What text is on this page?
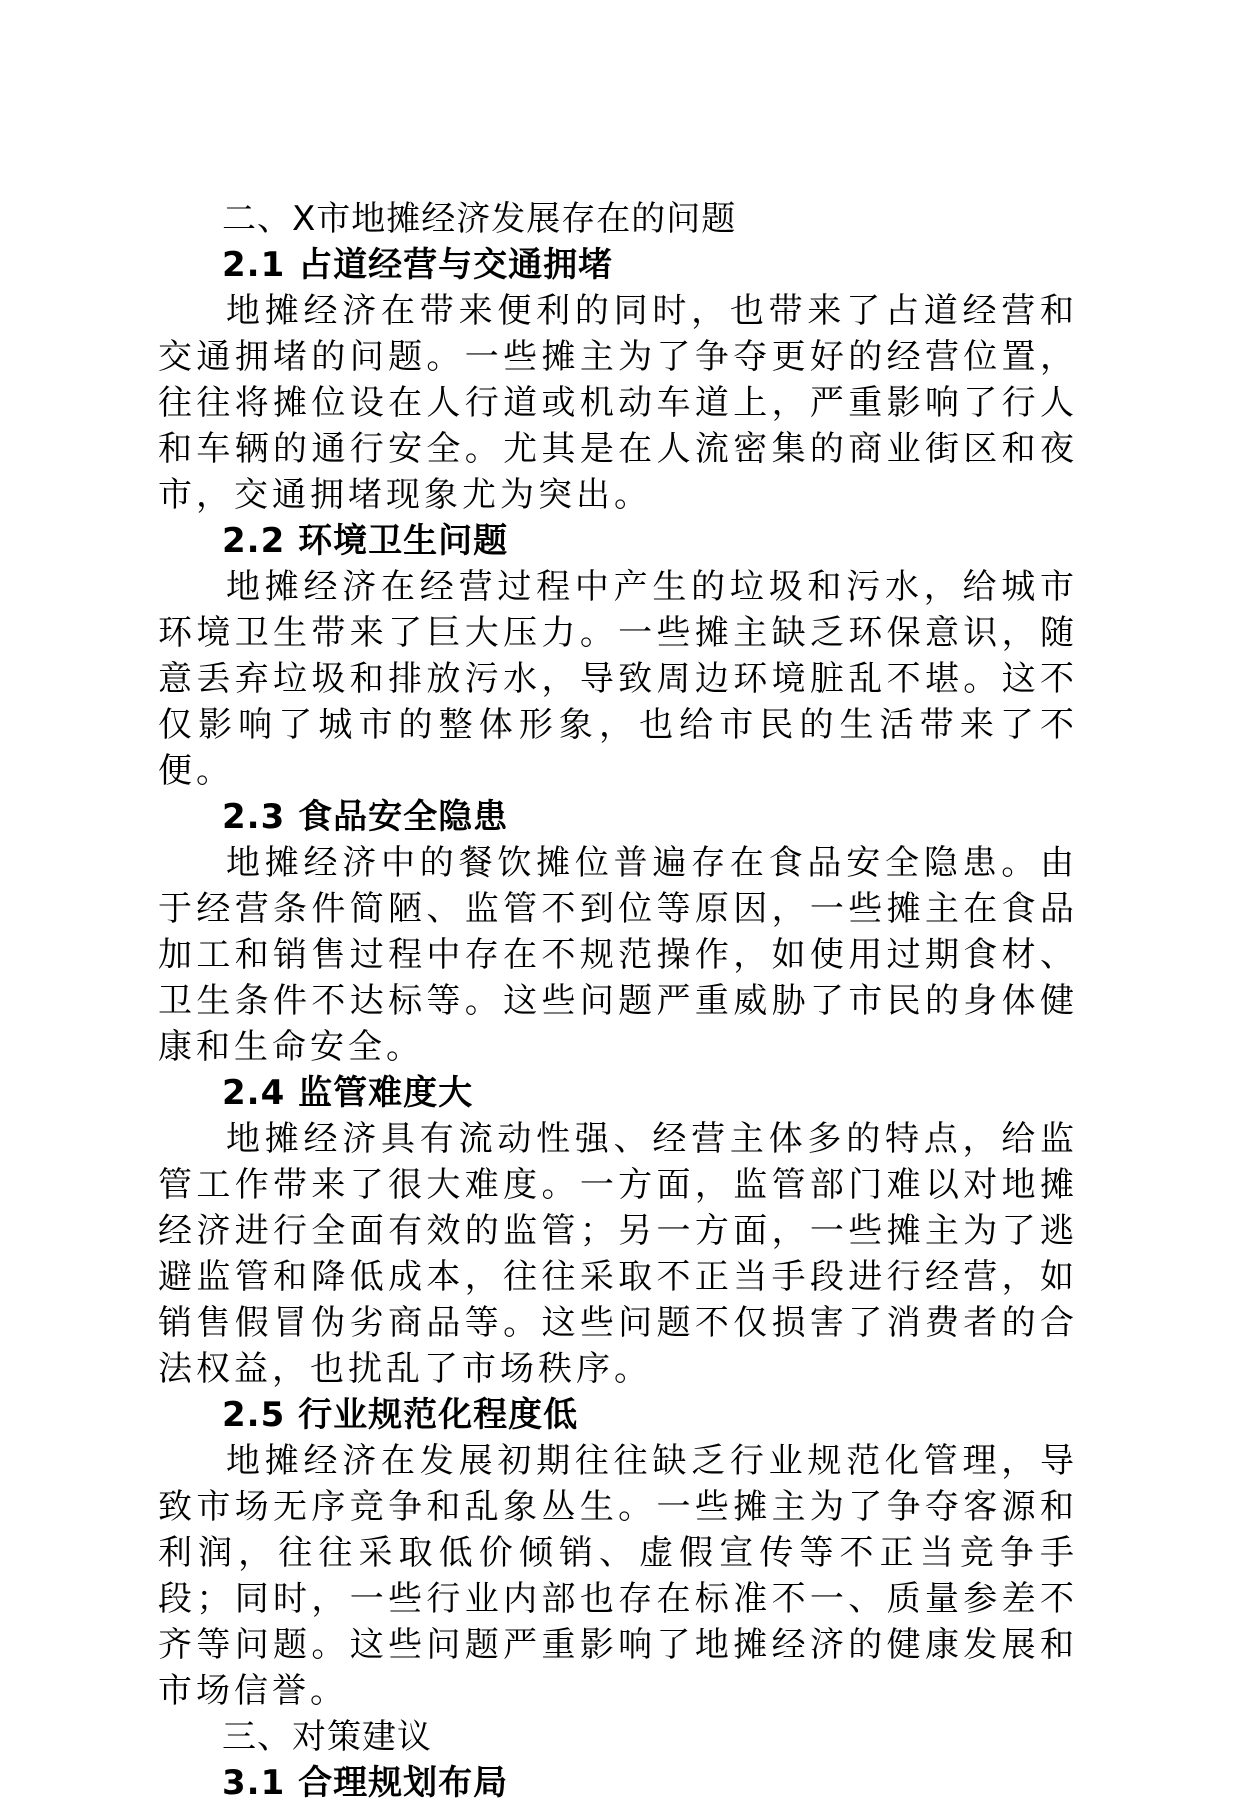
二、X市地摊经济发展存在的问题
2.1 占道经营与交通拥堵
地摊经济在带来便利的同时，也带来了占道经营和交通拥堵的问题。一些摊主为了争夺更好的经营位置，往往将摊位设在人行道或机动车道上，严重影响了行人和车辆的通行安全。尤其是在人流密集的商业街区和夜市，交通拥堵现象尤为突出。
2.2 环境卫生问题
地摊经济在经营过程中产生的垃圾和污水，给城市环境卫生带来了巨大压力。一些摊主缺乏环保意识，随意丢弃垃圾和排放污水，导致周边环境脏乱不堪。这不仅影响了城市的整体形象，也给市民的生活带来了不便。
2.3 食品安全隐患
地摊经济中的餐饮摊位普遍存在食品安全隐患。由于经营条件简陋、监管不到位等原因，一些摊主在食品加工和销售过程中存在不规范操作，如使用过期食材、卫生条件不达标等。这些问题严重威胁了市民的身体健康和生命安全。
2.4 监管难度大
地摊经济具有流动性强、经营主体多的特点，给监管工作带来了很大难度。一方面，监管部门难以对地摊经济进行全面有效的监管；另一方面，一些摊主为了逃避监管和降低成本，往往采取不正当手段进行经营，如销售假冒伪劣商品等。这些问题不仅损害了消费者的合法权益，也扰乱了市场秩序。
2.5 行业规范化程度低
地摊经济在发展初期往往缺乏行业规范化管理，导致市场无序竞争和乱象丛生。一些摊主为了争夺客源和利润，往往采取低价倾销、虚假宣传等不正当竞争手段；同时，一些行业内部也存在标准不一、质量参差不齐等问题。这些问题严重影响了地摊经济的健康发展和市场信誉。
三、对策建议
3.1 合理规划布局
